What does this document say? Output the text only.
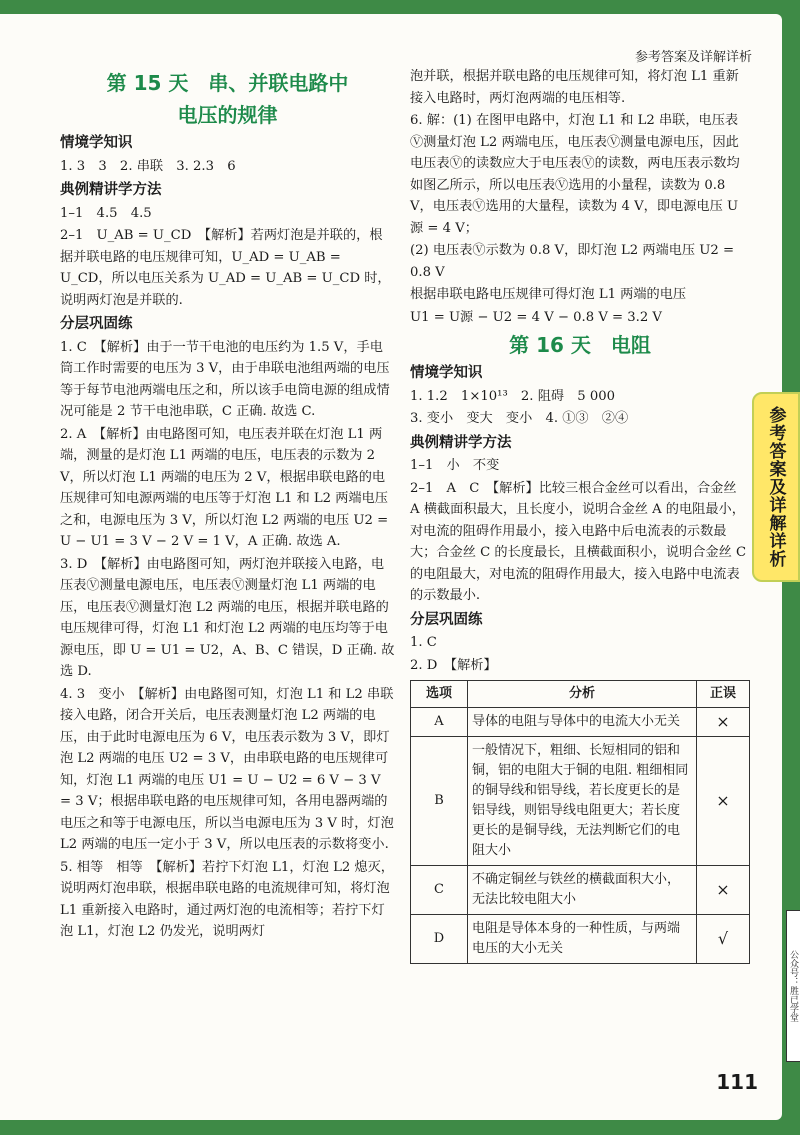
参考答案及详解详析
第 15 天　串、并联电路中
电压的规律
情境学知识
1. 3　3　2. 串联　3. 2.3　6
典例精讲学方法
1–1　4.5　4.5
2–1　U_AB = U_CD　【解析】若两灯泡是并联的，根据并联电路的电压规律可知，U_AD = U_AB = U_CD，所以电压关系为 U_AD = U_AB = U_CD 时，说明两灯泡是并联的.
分层巩固练
1. C　【解析】由于一节干电池的电压约为 1.5 V，手电筒工作时需要的电压为 3 V，由于串联电池组两端的电压等于每节电池两端电压之和，所以该手电筒电源的组成情况可能是 2 节干电池串联，C 正确. 故选 C.
2. A　【解析】由电路图可知，电压表并联在灯泡 L1 两端，测量的是灯泡 L1 两端的电压，电压表的示数为 2 V，所以灯泡 L1 两端的电压为 2 V，根据串联电路的电压规律可知电源两端的电压等于灯泡 L1 和 L2 两端电压之和，电源电压为 3 V，所以灯泡 L2 两端的电压 U2 = U − U1 = 3 V − 2 V = 1 V，A 正确. 故选 A.
3. D　【解析】由电路图可知，两灯泡并联接入电路，电压表Ⓥ测量电源电压，电压表Ⓥ测量灯泡 L1 两端的电压，电压表Ⓥ测量灯泡 L2 两端的电压，根据并联电路的电压规律可得，灯泡 L1 和灯泡 L2 两端的电压均等于电源电压，即 U = U1 = U2，A、B、C 错误，D 正确. 故选 D.
4. 3　变小　【解析】由电路图可知，灯泡 L1 和 L2 串联接入电路，闭合开关后，电压表测量灯泡 L2 两端的电压，由于此时电源电压为 6 V，电压表示数为 3 V，即灯泡 L2 两端的电压 U2 = 3 V，由串联电路的电压规律可知，灯泡 L1 两端的电压 U1 = U − U2 = 6 V − 3 V = 3 V；根据串联电路的电压规律可知，各用电器两端的电压之和等于电源电压，所以当电源电压为 3 V 时，灯泡 L2 两端的电压一定小于 3 V，所以电压表的示数将变小.
5. 相等　相等　【解析】若拧下灯泡 L1，灯泡 L2 熄灭，说明两灯泡串联，根据串联电路的电流规律可知，将灯泡 L1 重新接入电路时，通过两灯泡的电流相等；若拧下灯泡 L1，灯泡 L2 仍发光，说明两灯
泡并联，根据并联电路的电压规律可知，将灯泡 L1 重新接入电路时，两灯泡两端的电压相等.
6. 解：(1) 在图甲电路中，灯泡 L1 和 L2 串联，电压表Ⓥ测量灯泡 L2 两端电压，电压表Ⓥ测量电源电压，因此电压表Ⓥ的读数应大于电压表Ⓥ的读数，两电压表示数均如图乙所示，所以电压表Ⓥ选用的小量程，读数为 0.8 V，电压表Ⓥ选用的大量程，读数为 4 V，即电源电压 U源 = 4 V；
(2) 电压表Ⓥ示数为 0.8 V，即灯泡 L2 两端电压 U2 = 0.8 V
根据串联电路电压规律可得灯泡 L1 两端的电压
U1 = U源 − U2 = 4 V − 0.8 V = 3.2 V
第 16 天　电阻
情境学知识
1. 1.2　1×10¹³　2. 阻碍　5 000
3. 变小　变大　变小　4. ①③　②④
典例精讲学方法
1–1　小　不变
2–1　A　C　【解析】比较三根合金丝可以看出，合金丝 A 横截面积最大，且长度小，说明合金丝 A 的电阻最小，对电流的阻碍作用最小，接入电路中后电流表的示数最大；合金丝 C 的长度最长，且横截面积小，说明合金丝 C 的电阻最大，对电流的阻碍作用最大，接入电路中电流表的示数最小.
分层巩固练
1. C
2. D　【解析】
选项	分析	正误
A	导体的电阻与导体中的电流大小无关	×
B	一般情况下，粗细、长短相同的铝和铜，铝的电阻大于铜的电阻. 粗细相同的铜导线和铝导线，若长度更长的是铝导线，则铝导线电阻更大；若长度更长的是铜导线，无法判断它们的电阻大小	×
C	不确定铜丝与铁丝的横截面积大小，无法比较电阻大小	×
D	电阻是导体本身的一种性质，与两端电压的大小无关	√
参考答案及详解详析
公众号：胜已学堂
111
